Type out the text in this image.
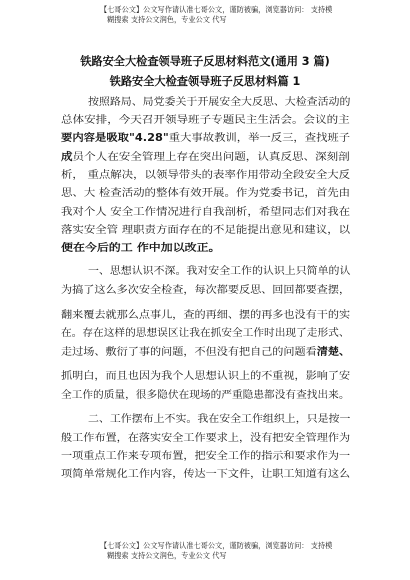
【七哥公文】公文写作请认准七哥公文，谨防被骗，浏览器访问： 支持模
糊搜索 支持公文润色，专业公文 代写
铁路安全大检查领导班子反思材料范文(通用 3 篇)
铁路安全大检查领导班子反思材料篇 1
按照路局、局党委关于开展安全大反思、大检查活动的
总体安排，今天召开领导班子专题民主生活会。会议的主
要内容是吸取"4.28"重大事故教训，举一反三，查找班子
成员个人在安全管理上存在突出问题，认真反思、深刻剖
析， 重点解决，以领导带头的表率作用带动全段安全大反
思、大 检查活动的整体有效开展。作为党委书记，首先由
我对个人 安全工作情况进行自我剖析，希望同志们对我在
落实安全管 理职责方面存在的不足能提出意见和建议，以
便在今后的工 作中加以改正。
一、思想认识不深。我对安全工作的认识上只简单的认
为搞了这么多次安全检查，每次都要反思、回回都要查摆，
翻来覆去就那么点事儿，查的再细、摆的再多也没有干的实
在。存在这样的思想误区让我在抓安全工作时出现了走形式、
走过场、敷衍了事的问题，不但没有把自己的问题看清楚、
抓明白，而且也因为我个人思想认识上的不重视，影响了安
全工作的质量，很多隐伏在现场的严重隐患都没有查找出来。
二、工作摆布上不实。我在安全工作组织上，只是按一
般工作布置，在落实安全工作要求上，没有把安全管理作为
一项重点工作来专项布置，把安全工作的指示和要求作为一
项简单常规化工作内容，传达一下文件，让职工知道有这么
【七哥公文】公文写作请认准七哥公文，谨防被骗，浏览器访问： 支持模
糊搜索 支持公文润色，专业公文 代写
